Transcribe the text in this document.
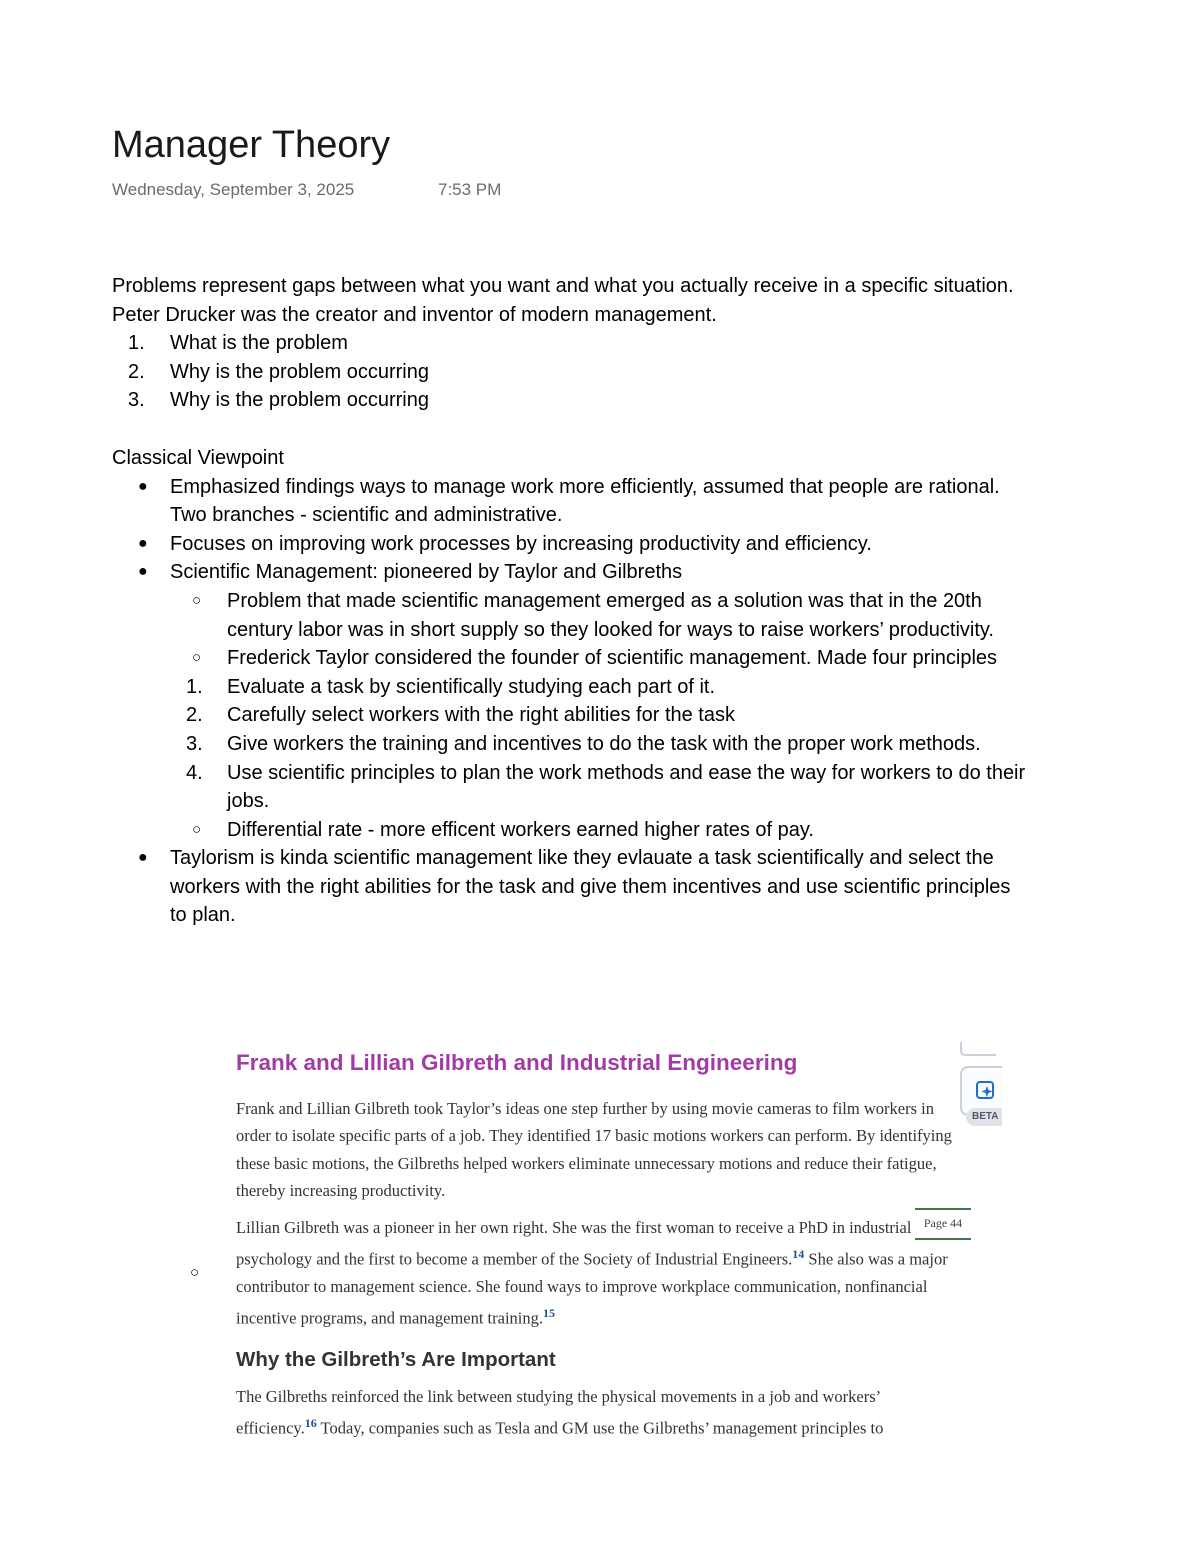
Manager Theory
Wednesday, September 3, 2025	7:53 PM

Problems represent gaps between what you want and what you actually receive in a specific situation.

Peter Drucker was the creator and inventor of modern management.

1. What is the problem
2. Why is the problem occurring
3. Why is the problem occurring

Classical Viewpoint

● Emphasized findings ways to manage work more efficiently, assumed that people are rational. Two branches - scientific and administrative.
● Focuses on improving work processes by increasing productivity and efficiency.
● Scientific Management: pioneered by Taylor and Gilbreths
○ Problem that made scientific management emerged as a solution was that in the 20th century labor was in short supply so they looked for ways to raise workers’ productivity.
○ Frederick Taylor considered the founder of scientific management. Made four principles
1. Evaluate a task by scientifically studying each part of it.
2. Carefully select workers with the right abilities for the task
3. Give workers the training and incentives to do the task with the proper work methods.
4. Use scientific principles to plan the work methods and ease the way for workers to do their jobs.
○ Differential rate - more efficent workers earned higher rates of pay.
● Taylorism is kinda scientific management like they evlauate a task scientifically and select the workers with the right abilities for the task and give them incentives and use scientific principles to plan.
○
Frank and Lillian Gilbreth and Industrial Engineering
Frank and Lillian Gilbreth took Taylor’s ideas one step further by using movie cameras to film workers in order to isolate specific parts of a job. They identified 17 basic motions workers can perform. By identifying these basic motions, the Gilbreths helped workers eliminate unnecessary motions and reduce their fatigue, thereby increasing productivity.
Lillian Gilbreth was a pioneer in her own right. She was the first woman to receive a PhD in industrial psychology and the first to become a member of the Society of Industrial Engineers.$^{14}$ She also was a major contributor to management science. She found ways to improve workplace communication, nonfinancial incentive programs, and management training.$^{15}$
Page 44
Why the Gilbreth’s Are Important
The Gilbreths reinforced the link between studying the physical movements in a job and workers’ efficiency.$^{16}$ Today, companies such as Tesla and GM use the Gilbreths’ management principles to
BETA
